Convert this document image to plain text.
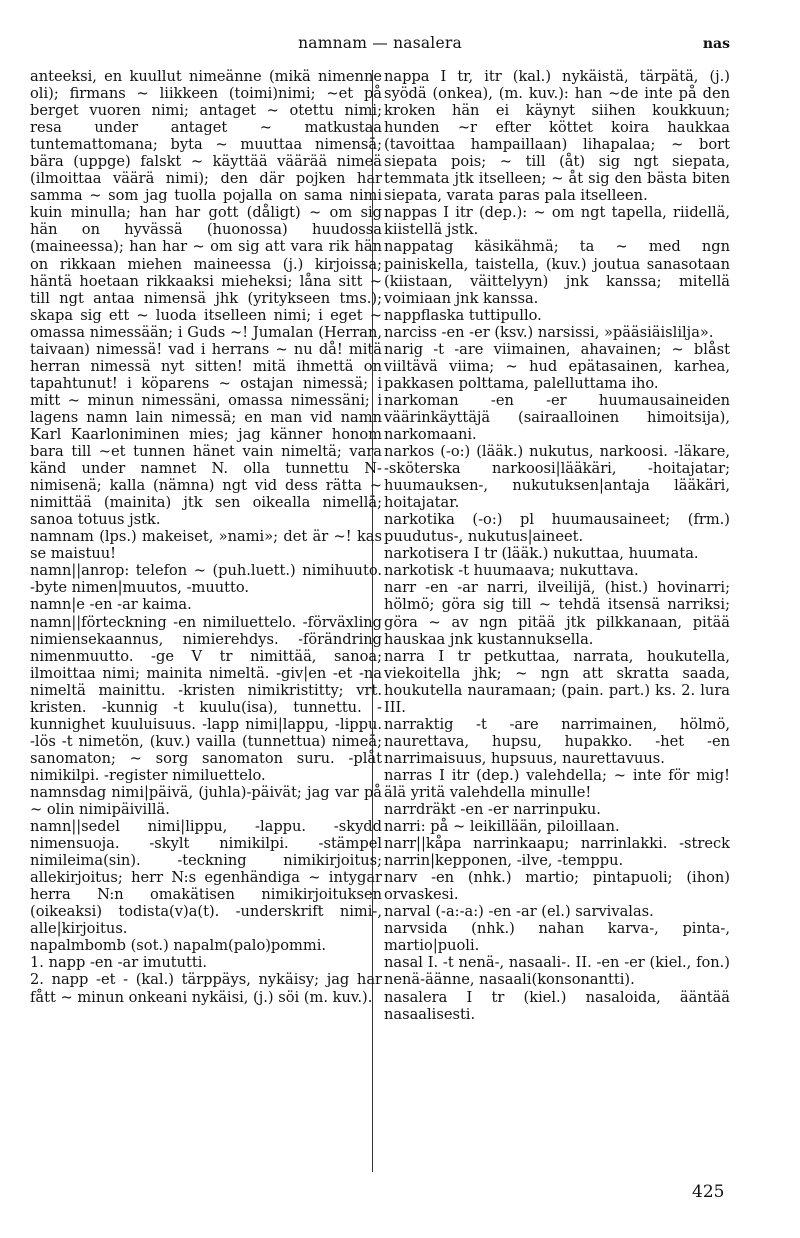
namnam — nasalera	nas

anteeksi, en kuullut nimeänne (mikä nimenne oli); firmans ~ liikkeen (toimi)nimi; ~et på berget vuoren nimi; antaget ~ otettu nimi; resa under antaget ~ matkustaa tuntemattomana; byta ~ muuttaa nimensä; bära (uppge) falskt ~ käyttää väärää nimeä (ilmoittaa väärä nimi); den där pojken har samma ~ som jag tuolla pojalla on sama nimi kuin minulla; han har gott (dåligt) ~ om sig hän on hyvässä (huonossa) huudossa (maineessa); han har ~ om sig att vara rik hän on rikkaan miehen maineessa (j.) kirjoissa; häntä hoetaan rikkaaksi mieheksi; låna sitt ~ till ngt antaa nimensä jhk (yritykseen tms.); skapa sig ett ~ luoda itselleen nimi; i eget ~ omassa nimessään; i Guds ~! Jumalan (Herran, taivaan) nimessä! vad i herrans ~ nu då! mitä herran nimessä nyt sitten! mitä ihmettä on tapahtunut! i köparens ~ ostajan nimessä; i mitt ~ minun nimessäni, omassa nimessäni; i lagens namn lain nimessä; en man vid namn Karl Kaarloniminen mies; jag känner honom bara till ~et tunnen hänet vain nimeltä; vara känd under namnet N. olla tunnettu N-nimisenä; kalla (nämna) ngt vid dess rätta ~ nimittää (mainita) jtk sen oikealla nimellä; sanoa totuus jstk.

namnam (lps.) makeiset, »nami»; det är ~! kas se maistuu!

namn||anrop: telefon ~ (puh.luett.) nimihuuto. -byte nimen|muutos, -muutto.

namn|e -en -ar kaima.

namn||förteckning -en nimiluettelo. -förväxling nimiensekaannus, nimierehdys. -förändring nimenmuutto. -ge V tr nimittää, sanoa; ilmoittaa nimi; mainita nimeltä. -giv|en -et -na nimeltä mainittu. -kristen nimikristitty; vrt. kristen. -kunnig -t kuulu(isa), tunnettu. -kunnighet kuuluisuus. -lapp nimi|lappu, -lippu. -lös -t nimetön, (kuv.) vailla (tunnettua) nimeä; sanomaton; ~ sorg sanomaton suru. -plåt nimikilpi. -register nimiluettelo.

namnsdag nimi|päivä, (juhla)-päivät; jag var på ~ olin nimipäivillä.

namn||sedel nimi|lippu, -lappu. -skydd nimensuoja. -skylt nimikilpi. -stämpel nimileima(sin). -teckning nimikirjoitus; allekirjoitus; herr N:s egenhändiga ~ intygar herra N:n omakätisen nimikirjoituksen (oikeaksi) todista(v)a(t). -underskrift nimi-, alle|kirjoitus.

napalmbomb (sot.) napalm(palo)pommi.

1. napp -en -ar imututti.

2. napp -et - (kal.) tärppäys, nykäisy; jag har fått ~ minun onkeani nykäisi, (j.) söi (m. kuv.).

nappa I tr, itr (kal.) nykäistä, tärpätä, (j.) syödä (onkea), (m. kuv.): han ~de inte på den kroken hän ei käynyt siihen koukkuun; hunden ~r efter köttet koira haukkaa (tavoittaa hampaillaan) lihapalaa; ~ bort siepata pois; ~ till (åt) sig ngt siepata, temmata jtk itselleen; ~ åt sig den bästa biten siepata, varata paras pala itselleen.

nappas I itr (dep.): ~ om ngt tapella, riidellä, kiistellä jstk.

nappatag käsikähmä; ta ~ med ngn painiskella, taistella, (kuv.) joutua sanasotaan (kiistaan, väittelyyn) jnk kanssa; mitellä voimiaan jnk kanssa.

nappflaska tuttipullo.

narciss -en -er (ksv.) narsissi, »pääsiäislilja».

narig -t -are viimainen, ahavainen; ~ blåst viiltävä viima; ~ hud epätasainen, karhea, pakkasen polttama, palelluttama iho.

narkoman -en -er huumausaineiden väärinkäyttäjä (sairaalloinen himoitsija), narkomaani.

narkos (-o:) (lääk.) nukutus, narkoosi. -läkare, -sköterska narkoosi|lääkäri, -hoitajatar; huumauksen-, nukutuksen|antaja lääkäri, hoitajatar.

narkotika (-o:) pl huumausaineet; (frm.) puudutus-, nukutus|aineet.

narkotisera I tr (lääk.) nukuttaa, huumata.

narkotisk -t huumaava; nukuttava.

narr -en -ar narri, ilveilijä, (hist.) hovinarri; hölmö; göra sig till ~ tehdä itsensä narriksi; göra ~ av ngn pitää jtk pilkkanaan, pitää hauskaa jnk kustannuksella.

narra I tr petkuttaa, narrata, houkutella, viekoitella jhk; ~ ngn att skratta saada, houkutella nauramaan; (pain. part.) ks. 2. lura III.

narraktig -t -are narrimainen, hölmö, naurettava, hupsu, hupakko. -het -en narrimaisuus, hupsuus, naurettavuus.

narras I itr (dep.) valehdella; ~ inte för mig! älä yritä valehdella minulle!

narrdräkt -en -er narrinpuku.

narri: på ~ leikillään, piloillaan.

narr||kåpa narrinkaapu; narrinlakki. -streck narrin|kepponen, -ilve, -temppu.

narv -en (nhk.) martio; pintapuoli; (ihon) orvaskesi.

narval (-a:-a:) -en -ar (el.) sarvivalas.

narvsida (nhk.) nahan karva-, pinta-, martio|puoli.

nasal I. -t nenä-, nasaali-. II. -en -er (kiel., fon.) nenä-äänne, nasaali(konsonantti).

nasalera I tr (kiel.) nasaloida, ääntää nasaalisesti.

425
